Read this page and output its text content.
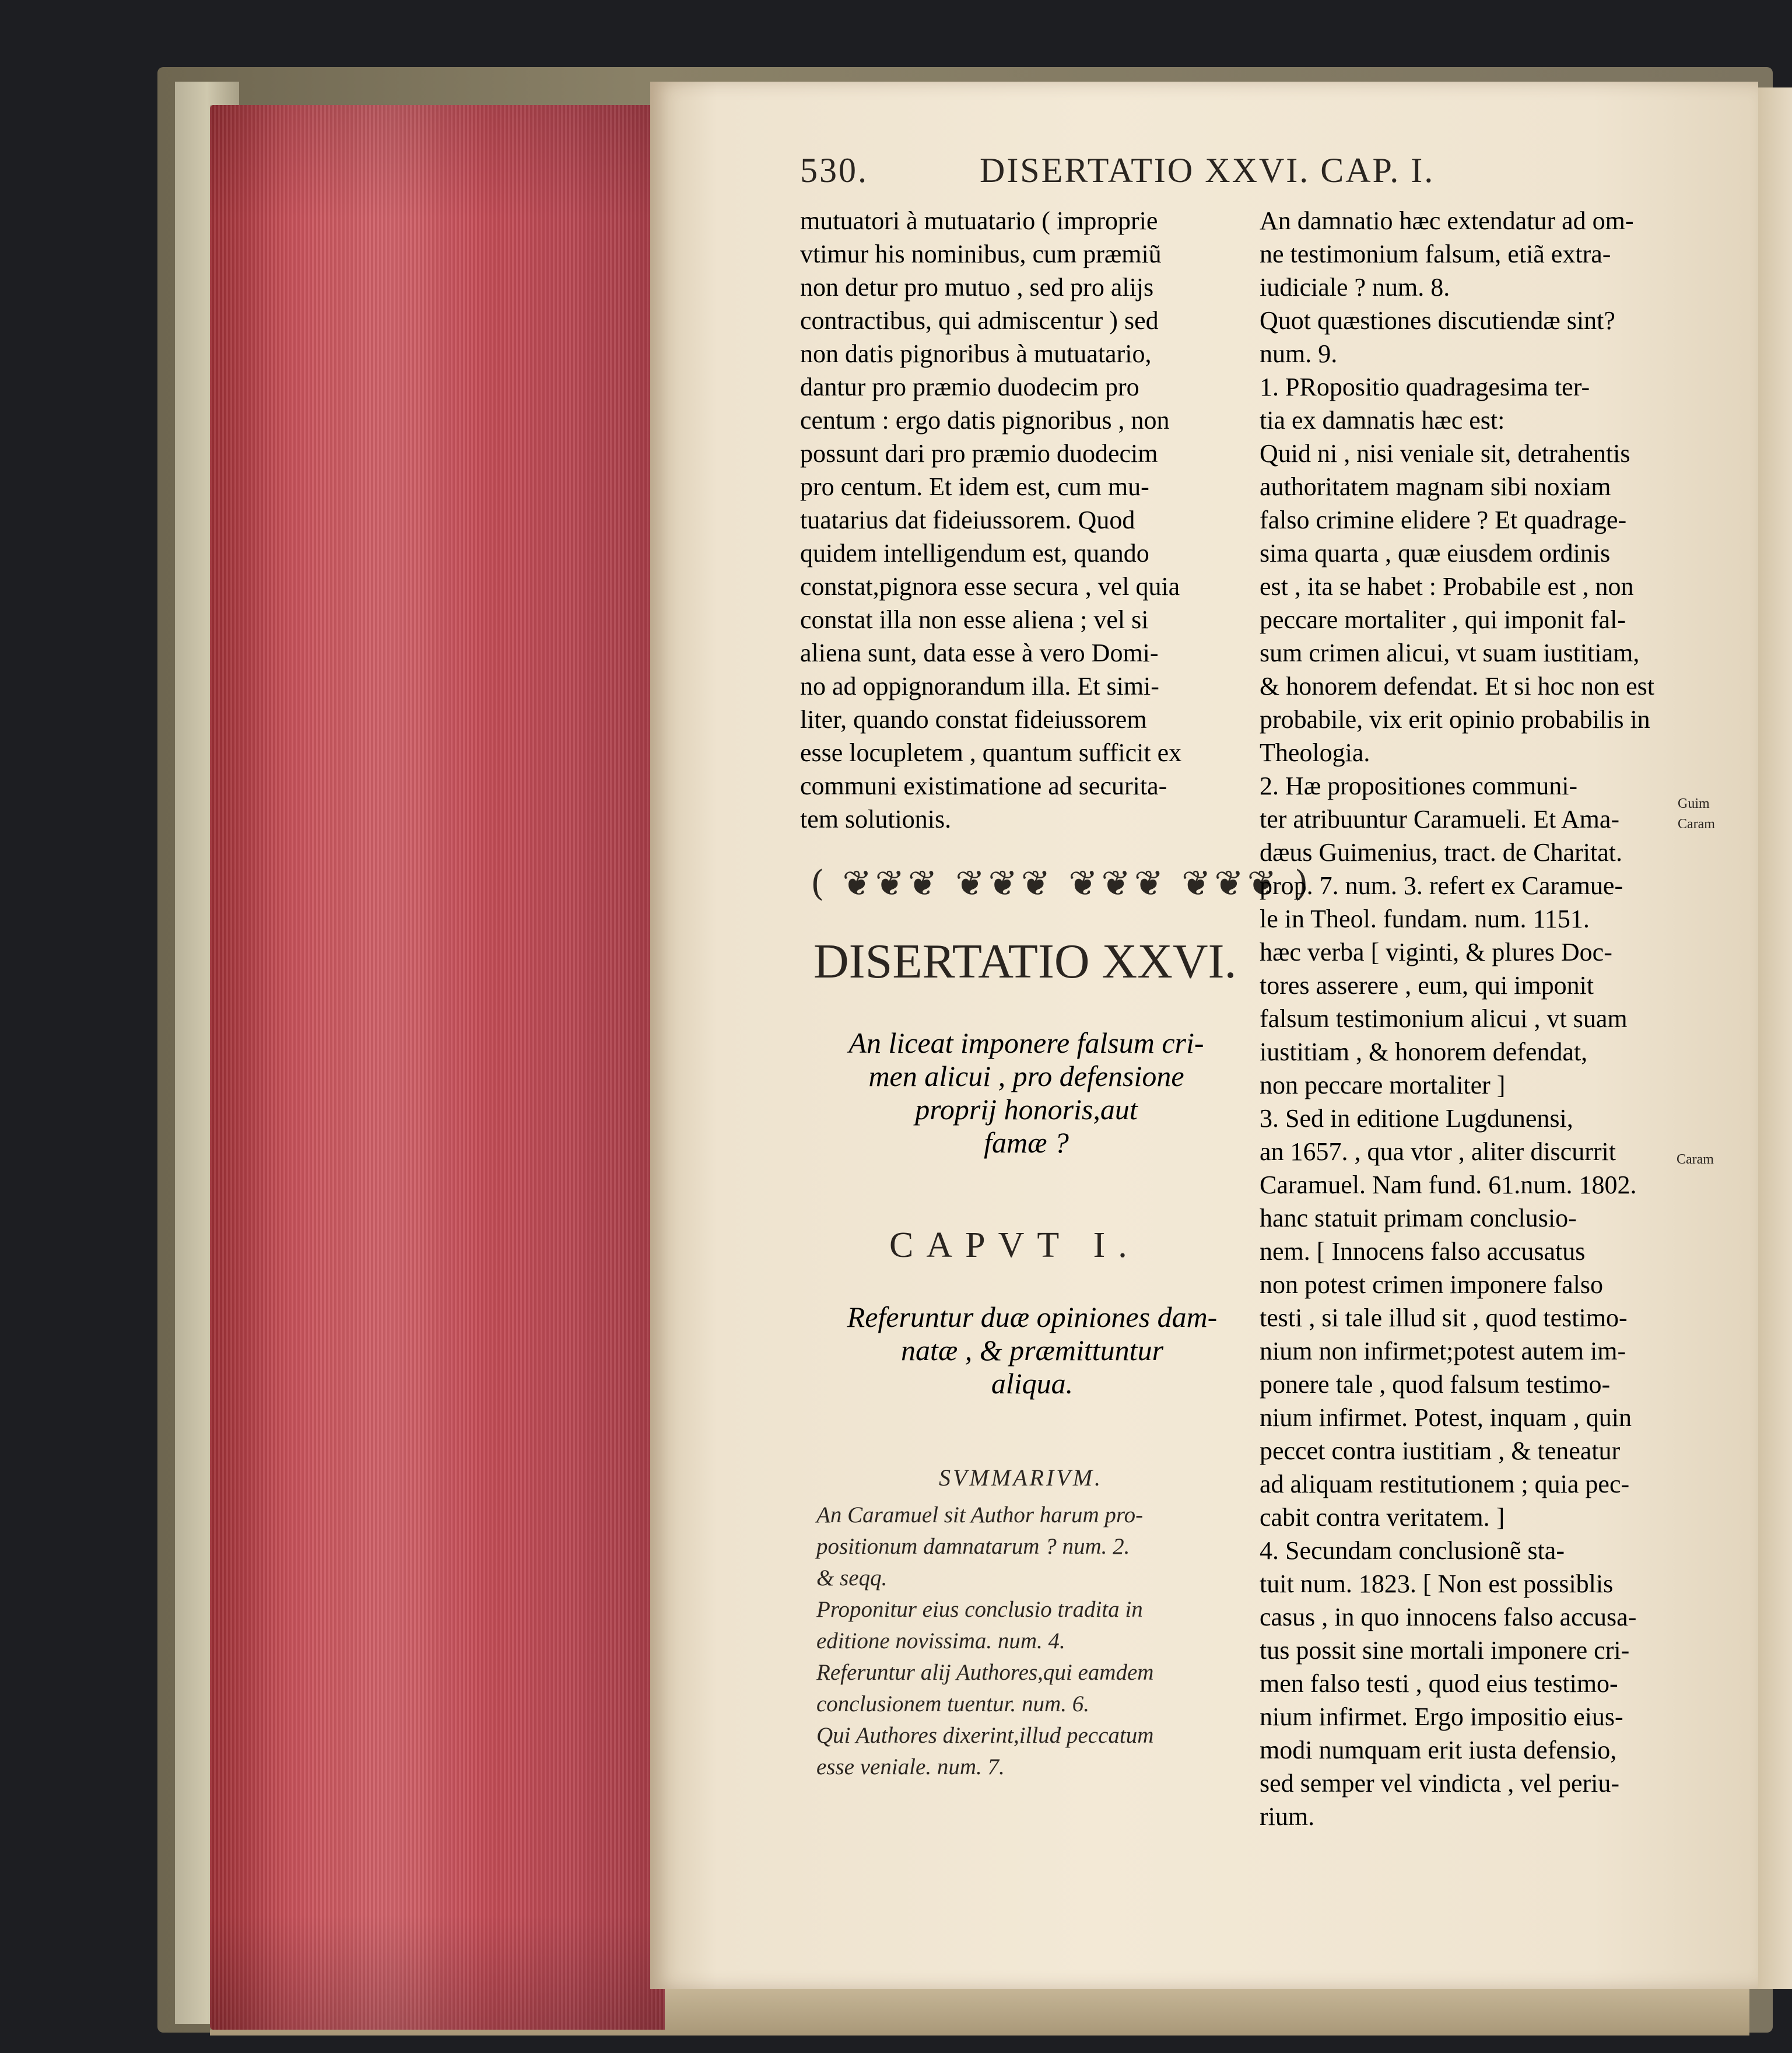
530.	DISERTATIO XXVI. CAP. I.
mutuatori à mutuatario ( improprie
vtimur his nominibus, cum præmiũ
non detur pro mutuo , sed pro alijs
contractibus, qui admiscentur ) sed
non datis pignoribus à mutuatario,
dantur pro præmio duodecim pro
centum : ergo datis pignoribus , non
possunt dari pro præmio duodecim
pro centum. Et idem est, cum mu-
tuatarius dat fideiussorem. Quod
quidem intelligendum est, quando
constat,pignora esse secura , vel quia
constat illa non esse aliena ; vel si
aliena sunt, data esse à vero Domi-
no ad oppignorandum illa. Et simi-
liter, quando constat fideiussorem
esse locupletem , quantum sufficit ex
communi existimatione ad securita-
tem solutionis.
( ❦❦❦ ❦❦❦ ❦❦❦ ❦❦❦ )
DISERTATIO XXVI.
An liceat imponere falsum cri-
men alicui , pro defensione
proprij honoris,aut
famæ ?
CAPVT I.
Referuntur duæ opiniones dam-
natæ , & præmittuntur
aliqua.
SVMMARIVM.
An Caramuel sit Author harum pro-
positionum damnatarum ? num. 2.
& seqq.
Proponitur eius conclusio tradita in
editione novissima. num. 4.
Referuntur alij Authores,qui eamdem
conclusionem tuentur. num. 6.
Qui Authores dixerint,illud peccatum
esse veniale. num. 7.
An damnatio hæc extendatur ad om-
ne testimonium falsum, etiã extra-
iudiciale ? num. 8.
Quot quæstiones discutiendæ sint?
num. 9.
1. PRopositio quadragesima ter-
tia ex damnatis hæc est:
Quid ni , nisi veniale sit, detrahentis
authoritatem magnam sibi noxiam
falso crimine elidere ? Et quadrage-
sima quarta , quæ eiusdem ordinis
est , ita se habet : Probabile est , non
peccare mortaliter , qui imponit fal-
sum crimen alicui, vt suam iustitiam,
& honorem defendat. Et si hoc non est
probabile, vix erit opinio probabilis in
Theologia.
2. Hæ propositiones communi-
ter atribuuntur Caramueli. Et Ama-
dæus Guimenius, tract. de Charitat.
prop. 7. num. 3. refert ex Caramue-
le in Theol. fundam. num. 1151.
hæc verba [ viginti, & plures Doc-
tores asserere , eum, qui imponit
falsum testimonium alicui , vt suam
iustitiam , & honorem defendat,
non peccare mortaliter ]
3. Sed in editione Lugdunensi,
an 1657. , qua vtor , aliter discurrit
Caramuel. Nam fund. 61.num. 1802.
hanc statuit primam conclusio-
nem. [ Innocens falso accusatus
non potest crimen imponere falso
testi , si tale illud sit , quod testimo-
nium non infirmet;potest autem im-
ponere tale , quod falsum testimo-
nium infirmet. Potest, inquam , quin
peccet contra iustitiam , & teneatur
ad aliquam restitutionem ; quia pec-
cabit contra veritatem. ]
4. Secundam conclusionẽ sta-
tuit num. 1823. [ Non est possiblis
casus , in quo innocens falso accusa-
tus possit sine mortali imponere cri-
men falso testi , quod eius testimo-
nium infirmet. Ergo impositio eius-
modi numquam erit iusta defensio,
sed semper vel vindicta , vel periu-
rium.
Guim
Caram
Caram
